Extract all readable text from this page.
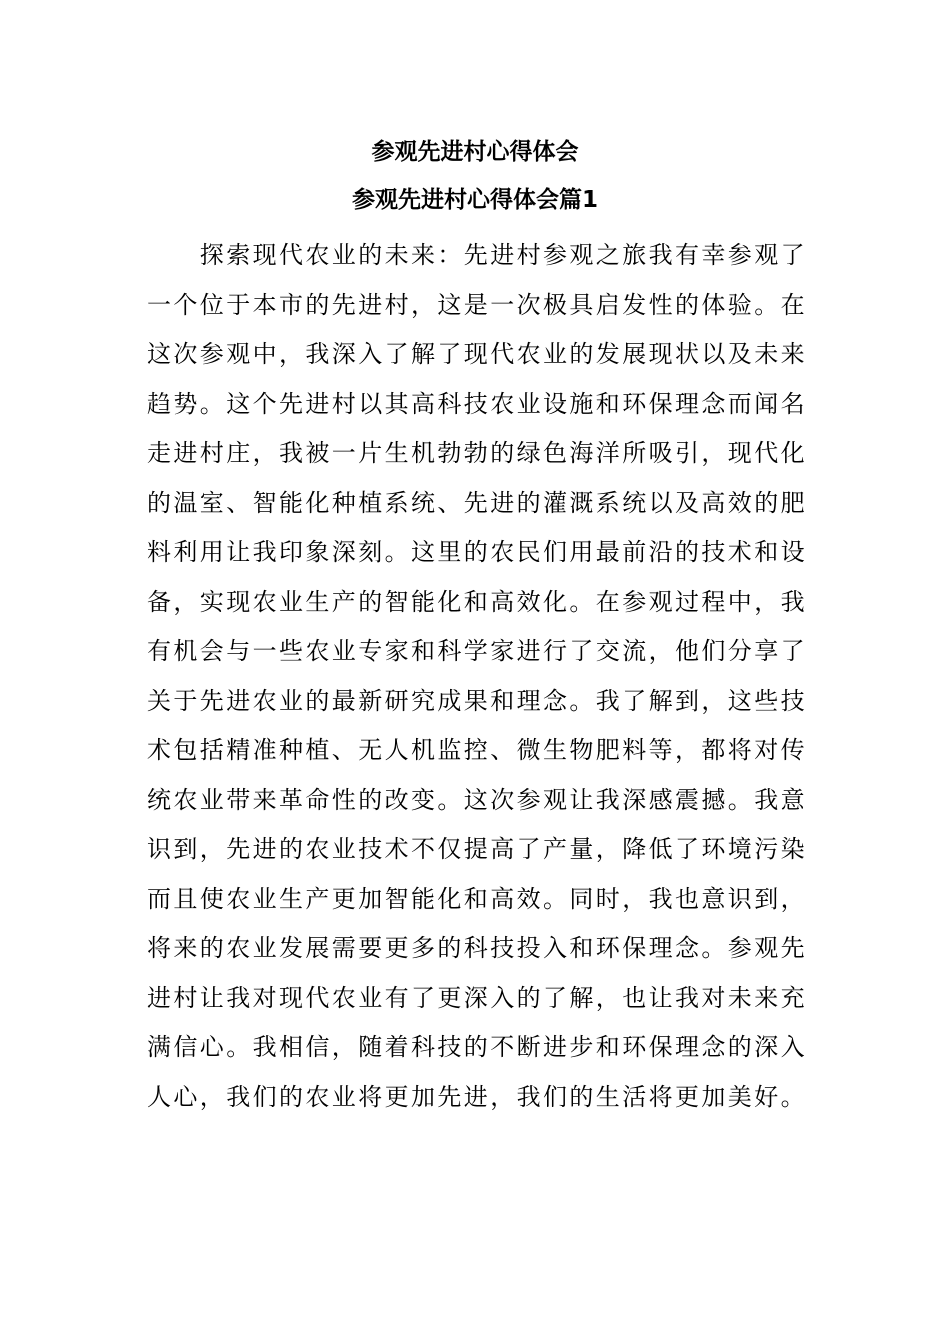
参观先进村心得体会
参观先进村心得体会篇1
　　探索现代农业的未来：先进村参观之旅我有幸参观了
一个位于本市的先进村，这是一次极具启发性的体验。在
这次参观中，我深入了解了现代农业的发展现状以及未来
趋势。这个先进村以其高科技农业设施和环保理念而闻名
走进村庄，我被一片生机勃勃的绿色海洋所吸引，现代化
的温室、智能化种植系统、先进的灌溉系统以及高效的肥
料利用让我印象深刻。这里的农民们用最前沿的技术和设
备，实现农业生产的智能化和高效化。在参观过程中，我
有机会与一些农业专家和科学家进行了交流，他们分享了
关于先进农业的最新研究成果和理念。我了解到，这些技
术包括精准种植、无人机监控、微生物肥料等，都将对传
统农业带来革命性的改变。这次参观让我深感震撼。我意
识到，先进的农业技术不仅提高了产量，降低了环境污染
而且使农业生产更加智能化和高效。同时，我也意识到，
将来的农业发展需要更多的科技投入和环保理念。参观先
进村让我对现代农业有了更深入的了解，也让我对未来充
满信心。我相信，随着科技的不断进步和环保理念的深入
人心，我们的农业将更加先进，我们的生活将更加美好。
